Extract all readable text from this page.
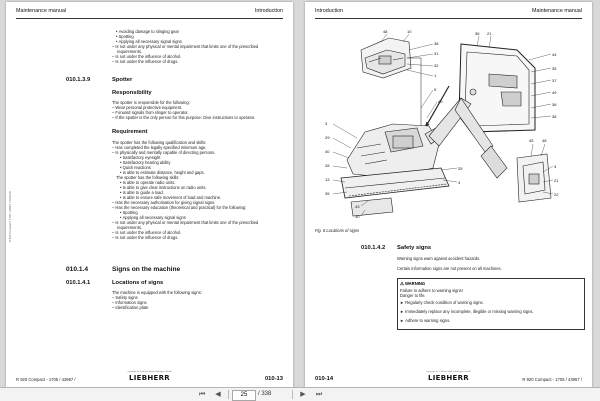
Maintenance manual	Introduction
• Avoiding damage to slinging gear
• Spotting
• Applying all necessary signal signs
– Is not under any physical or mental impairment that limits one of the prescribed
requirements.
– Is not under the influence of alcohol.
– Is not under the influence of drugs.
010.1.3.9	Spotter
Responsibility
The spotter is responsible for the following:
– Wear personal protective equipment.
– Forward signals from slinger to operator.
– If the spotter is the only person for this purpose: Give instructions to operator.
Requirement
The spotter has the following qualification and skills:
– Has completed the legally specified minimum age.
– Is physically and mentally capable of directing persons.
• Satisfactory eyesight
• Satisfactory hearing ability
• Quick reactions
• Is able to estimate distance, height and gaps.
The spotter has the following skills:
• Is able to operate radio units.
• Is able to give clear instructions on radio units.
• Is able to guide a load.
• Is able to ensure safe movement of load and machine.
– Has the necessary authorisation for giving signal signs.
– Has the necessary education (theoretical and practical) for the following:
• Spotting
• Applying all necessary signal signs
– Is not under any physical or mental impairment that limits one of the prescribed
requirements.
– Is not under the influence of alcohol.
– Is not under the influence of drugs.
010.1.4	Signs on the machine
010.1.4.1	Locations of signs
The machine is equipped with the following signs:
– Safety signs
– Information signs
– Identification plate
R 920 Compact / 1705 / 43957 / 2019-08
R 920 Compact - 1705 / 43957 /
copyright for Liebherr-Hydraulikbagger GmbH
LIEBHERR	010-13
Introduction	Maintenance manual
48	10
38
31
32
1
3
29
40
28
13
35
43
30
36 21
44
35
37
49
36
38
5
40
45 48
3
21
22
25
4
Fig. 8 Locations of signs
010.1.4.2 Safety signs
Warning signs warn against accident hazards.
Certain information signs are not present on all machines.
⚠WARNING
Failure to adhere to warning signs!
Danger to life.
► Regularly check condition of warning signs.
► Immediately replace any incomplete, illegible or missing warning signs.
► Adhere to warning signs.
010-14
copyright for Liebherr-Hydraulikbagger GmbH
LIEBHERR	R 920 Compact - 1705 / 43957 /
⏮	◀	25	/ 338	▶	⏭
